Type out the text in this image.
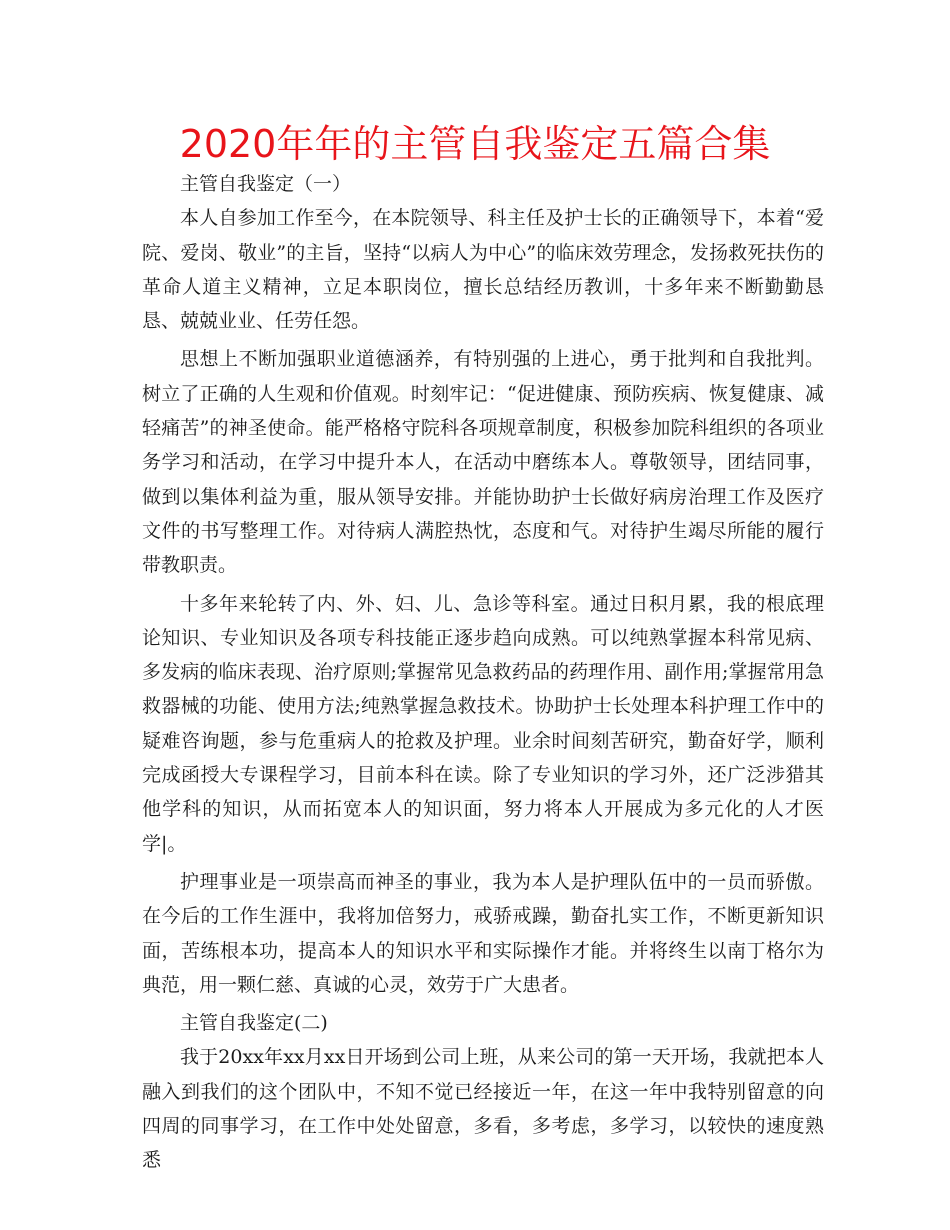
2020年年的主管自我鉴定五篇合集

主管自我鉴定（一）

本人自参加工作至今，在本院领导、科主任及护士长的正确领导下，本着“爱院、爱岗、敬业”的主旨，坚持“以病人为中心”的临床效劳理念，发扬救死扶伤的革命人道主义精神，立足本职岗位，擅长总结经历教训，十多年来不断勤勤恳恳、兢兢业业、任劳任怨。

思想上不断加强职业道德涵养，有特别强的上进心，勇于批判和自我批判。树立了正确的人生观和价值观。时刻牢记：“促进健康、预防疾病、恢复健康、减轻痛苦”的神圣使命。能严格格守院科各项规章制度，积极参加院科组织的各项业务学习和活动，在学习中提升本人，在活动中磨练本人。尊敬领导，团结同事，做到以集体利益为重，服从领导安排。并能协助护士长做好病房治理工作及医疗文件的书写整理工作。对待病人满腔热忱，态度和气。对待护生竭尽所能的履行带教职责。

十多年来轮转了内、外、妇、儿、急诊等科室。通过日积月累，我的根底理论知识、专业知识及各项专科技能正逐步趋向成熟。可以纯熟掌握本科常见病、多发病的临床表现、治疗原则;掌握常见急救药品的药理作用、副作用;掌握常用急救器械的功能、使用方法;纯熟掌握急救技术。协助护士长处理本科护理工作中的疑难咨询题，参与危重病人的抢救及护理。业余时间刻苦研究，勤奋好学，顺利完成函授大专课程学习，目前本科在读。除了专业知识的学习外，还广泛涉猎其他学科的知识，从而拓宽本人的知识面，努力将本人开展成为多元化的人才医学|。

护理事业是一项崇高而神圣的事业，我为本人是护理队伍中的一员而骄傲。在今后的工作生涯中，我将加倍努力，戒骄戒躁，勤奋扎实工作，不断更新知识面，苦练根本功，提高本人的知识水平和实际操作才能。并将终生以南丁格尔为典范，用一颗仁慈、真诚的心灵，效劳于广大患者。

主管自我鉴定(二)

我于20xx年xx月xx日开场到公司上班，从来公司的第一天开场，我就把本人融入到我们的这个团队中，不知不觉已经接近一年，在这一年中我特别留意的向四周的同事学习，在工作中处处留意，多看，多考虑，多学习，以较快的速度熟悉
